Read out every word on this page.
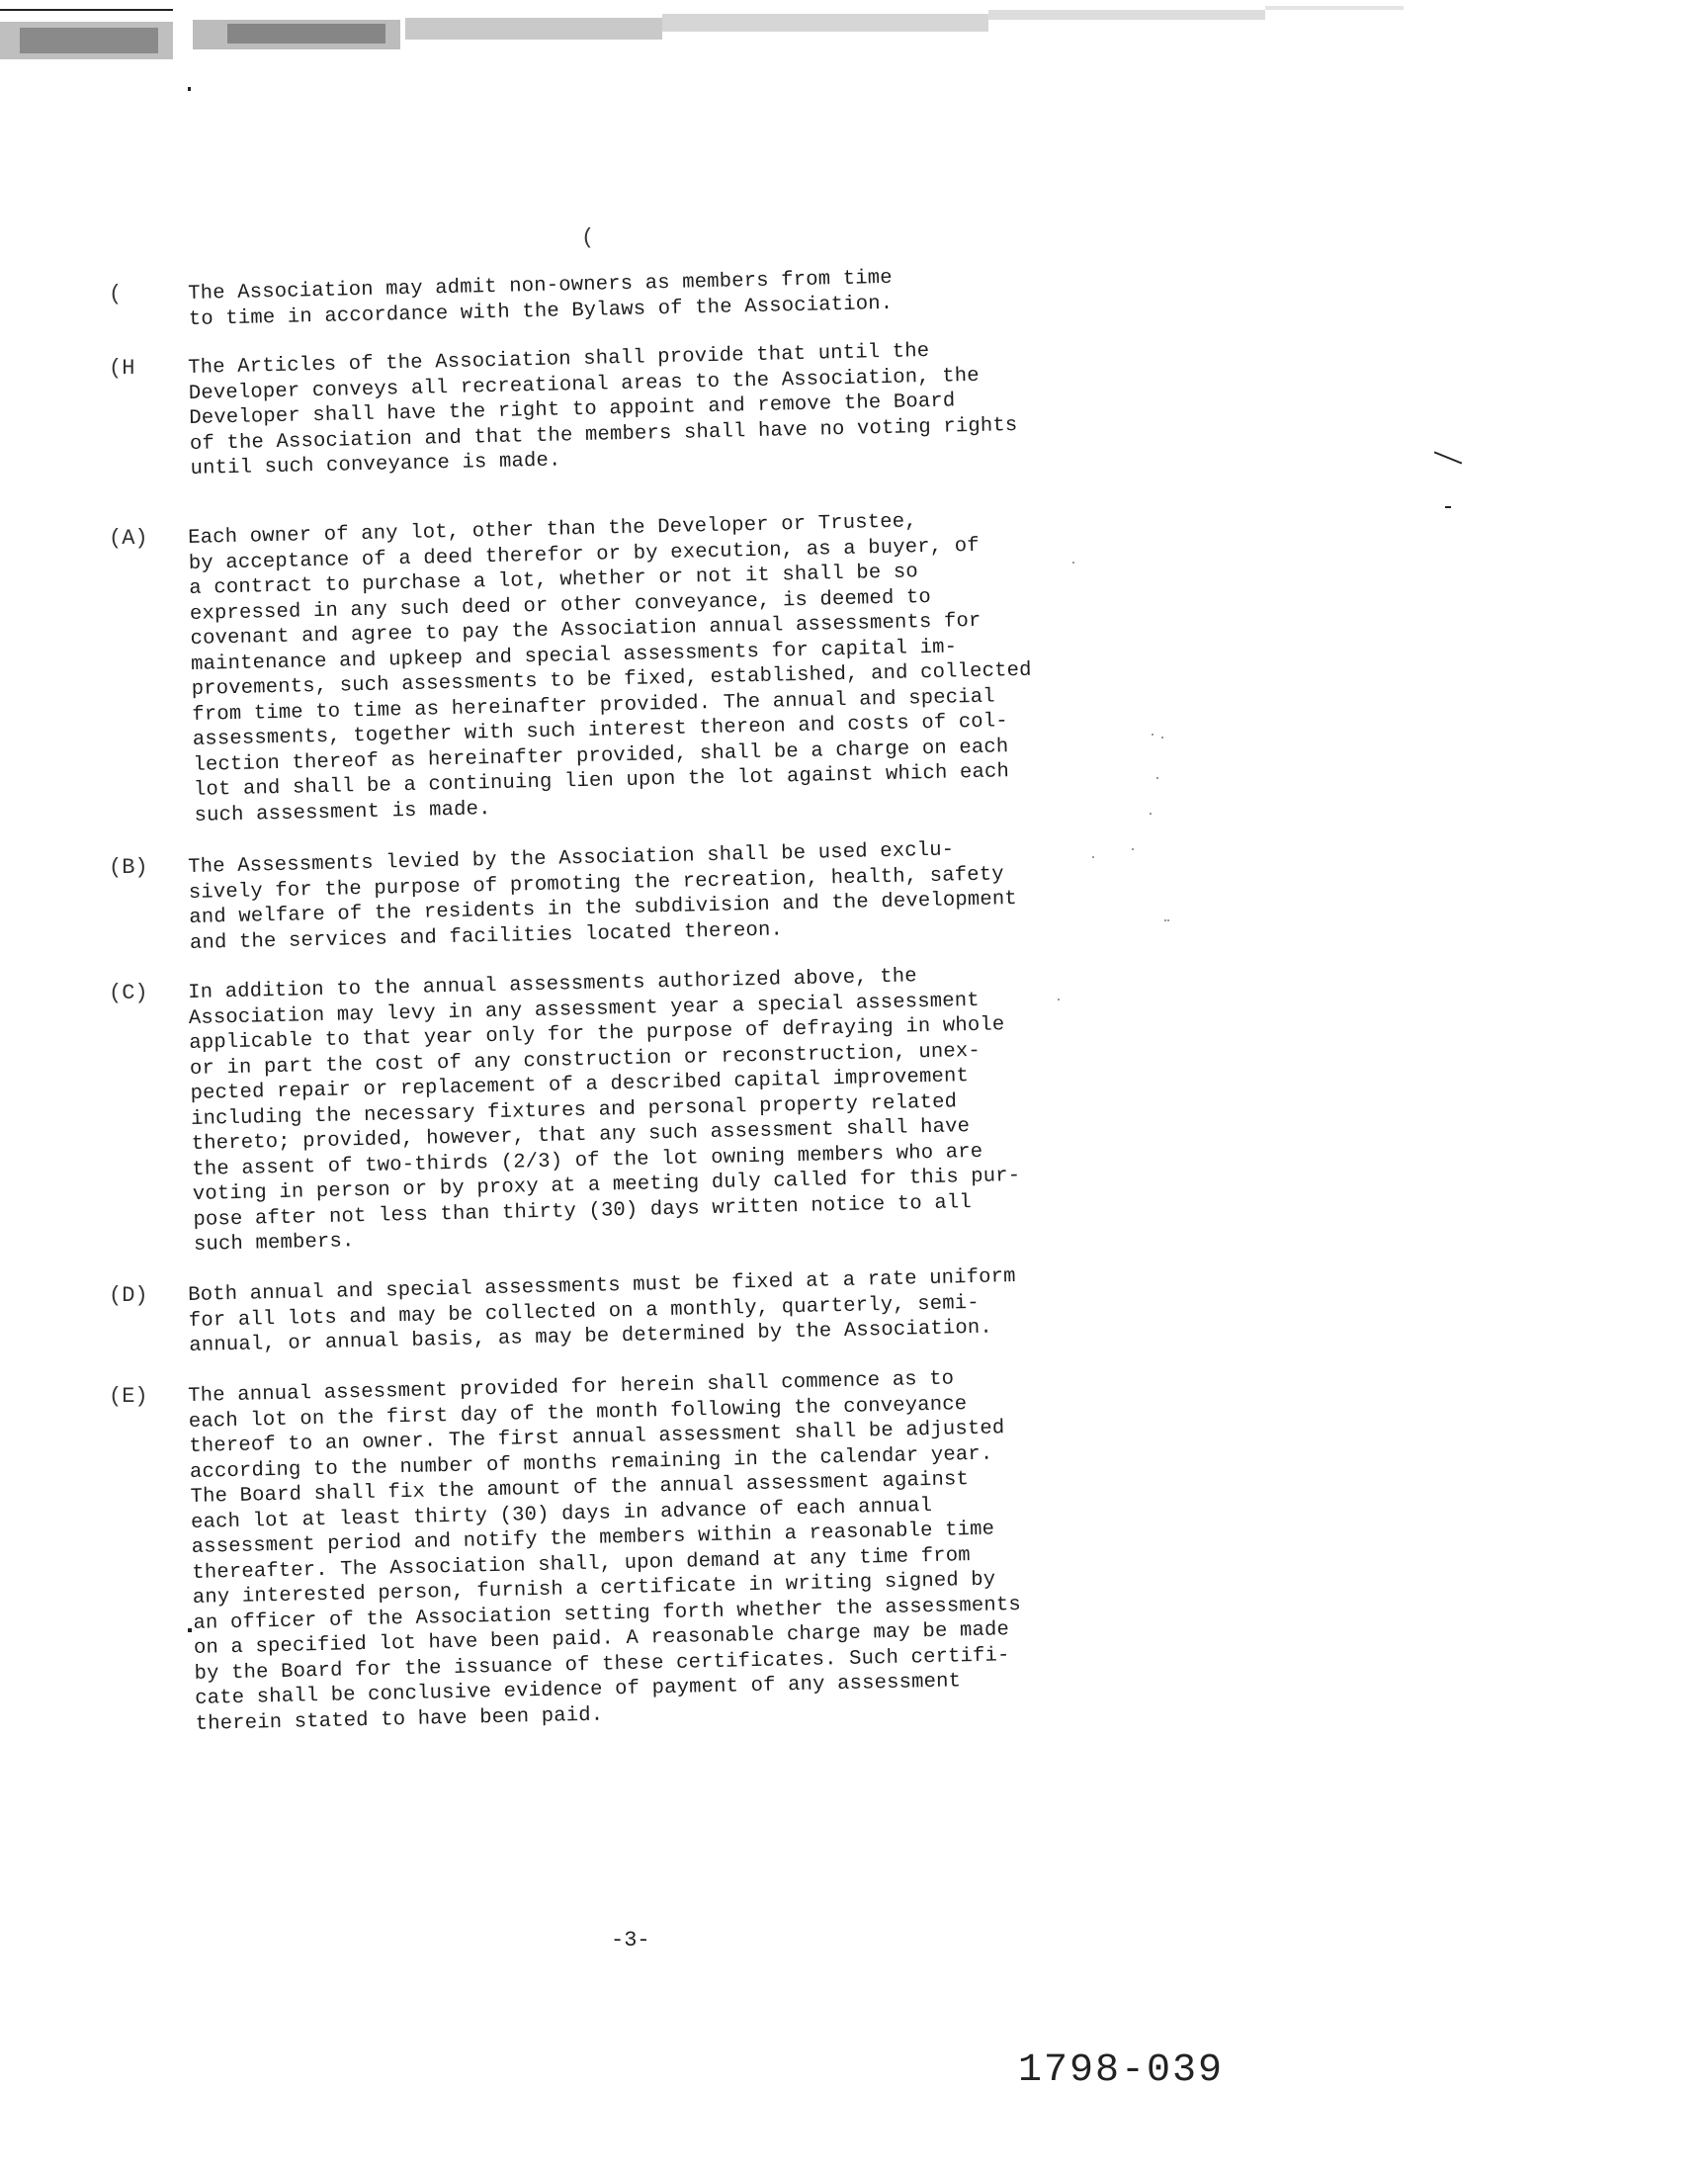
(
(	The Association may admit non-owners as members from time
to time in accordance with the Bylaws of the Association.

(H	The Articles of the Association shall provide that until the
Developer conveys all recreational areas to the Association, the
Developer shall have the right to appoint and remove the Board
of the Association and that the members shall have no voting rights
until such conveyance is made.

(A) Each owner of any lot, other than the Developer or Trustee,
by acceptance of a deed therefor or by execution, as a buyer, of
a contract to purchase a lot, whether or not it shall be so
expressed in any such deed or other conveyance, is deemed to
covenant and agree to pay the Association annual assessments for
maintenance and upkeep and special assessments for capital im-
provements, such assessments to be fixed, established, and collected
from time to time as hereinafter provided. The annual and special
assessments, together with such interest thereon and costs of col-
lection thereof as hereinafter provided, shall be a charge on each
lot and shall be a continuing lien upon the lot against which each
such assessment is made.

(B) The Assessments levied by the Association shall be used exclu-
sively for the purpose of promoting the recreation, health, safety
and welfare of the residents in the subdivision and the development
and the services and facilities located thereon.

(C) In addition to the annual assessments authorized above, the
Association may levy in any assessment year a special assessment
applicable to that year only for the purpose of defraying in whole
or in part the cost of any construction or reconstruction, unex-
pected repair or replacement of a described capital improvement
including the necessary fixtures and personal property related
thereto; provided, however, that any such assessment shall have
the assent of two-thirds (2/3) of the lot owning members who are
voting in person or by proxy at a meeting duly called for this pur-
pose after not less than thirty (30) days written notice to all
such members.

(D) Both annual and special assessments must be fixed at a rate uniform
for all lots and may be collected on a monthly, quarterly, semi-
annual, or annual basis, as may be determined by the Association.

(E) The annual assessment provided for herein shall commence as to
each lot on the first day of the month following the conveyance
thereof to an owner. The first annual assessment shall be adjusted
according to the number of months remaining in the calendar year.
The Board shall fix the amount of the annual assessment against
each lot at least thirty (30) days in advance of each annual
assessment period and notify the members within a reasonable time
thereafter. The Association shall, upon demand at any time from
any interested person, furnish a certificate in writing signed by
an officer of the Association setting forth whether the assessments
on a specified lot have been paid. A reasonable charge may be made
by the Board for the issuance of these certificates. Such certifi-
cate shall be conclusive evidence of payment of any assessment
therein stated to have been paid.

-3-
1798-039
